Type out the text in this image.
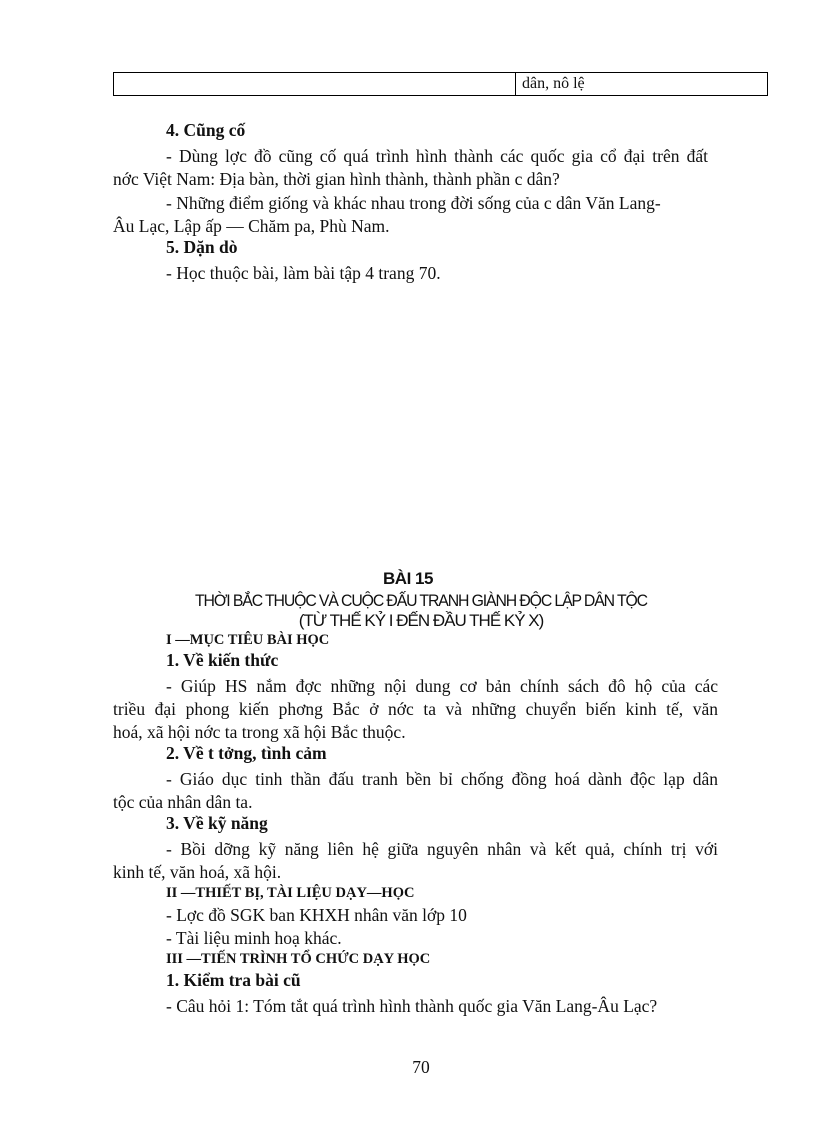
	dân, nô lệ
4. Cũng cố
- Dùng lợc đồ cũng cố quá trình hình thành các quốc gia cổ đại trên đất
nớc Việt Nam: Địa bàn, thời gian hình thành, thành phần c dân?
- Những điểm giống và khác nhau trong đời sống của c dân Văn Lang-
Âu Lạc, Lập ấp — Chăm pa, Phù Nam.
5. Dặn dò
- Học thuộc bài, làm bài tập 4 trang 70.
BÀI 15
THỜI BẮC THUỘC VÀ CUỘC ĐẤU TRANH GIÀNH ĐỘC LẬP DÂN TỘC
(TỪ THẾ KỶ I ĐẾN ĐẦU THẾ KỶ X)
I —MỤC TIÊU BÀI HỌC
1. Về kiến thức
- Giúp HS nắm đợc những nội dung cơ bản chính sách đô hộ của các
triều đại phong kiến phơng Bắc ở nớc ta và những chuyển biến kinh tế, văn
hoá, xã hội nớc ta trong xã hội Bắc thuộc.
2. Về t tởng, tình cảm
- Giáo dục tinh thần đấu tranh bền bỉ chống đồng hoá dành độc lạp dân
tộc của nhân dân ta.
3. Về kỹ năng
- Bồi dỡng kỹ năng liên hệ giữa nguyên nhân và kết quả, chính trị với
kinh tế, văn hoá, xã hội.
II —THIẾT BỊ, TÀI LIỆU DẠY—HỌC
- Lợc đồ SGK ban KHXH nhân văn lớp 10
- Tài liệu minh hoạ khác.
III —TIẾN TRÌNH TỔ CHỨC DẠY HỌC
1. Kiểm tra bài cũ
- Câu hỏi 1: Tóm tắt quá trình hình thành quốc gia Văn Lang-Âu Lạc?
70
